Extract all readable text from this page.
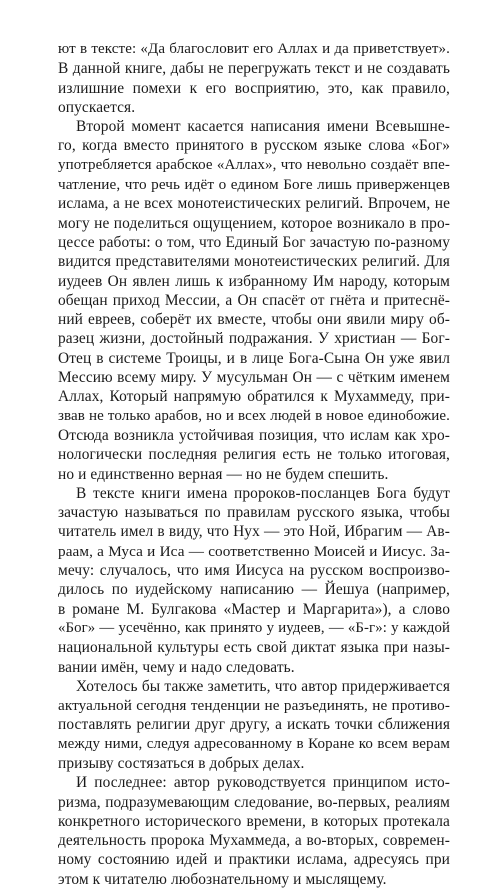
ют в тексте: «Да благословит его Аллах и да приветствует».
В данной книге, дабы не перегружать текст и не создавать
излишние помехи к его восприятию, это, как правило,
опускается.

Второй момент касается написания имени Всевышне-
го, когда вместо принятого в русском языке слова «Бог»
употребляется арабское «Аллах», что невольно создаёт впе-
чатление, что речь идёт о едином Боге лишь приверженцев
ислама, а не всех монотеистических религий. Впрочем, не
могу не поделиться ощущением, которое возникало в про-
цессе работы: о том, что Единый Бог зачастую по-разному
видится представителями монотеистических религий. Для
иудеев Он явлен лишь к избранному Им народу, которым
обещан приход Мессии, а Он спасёт от гнёта и притеснё-
ний евреев, соберёт их вместе, чтобы они явили миру об-
разец жизни, достойный подражания. У христиан — Бог-
Отец в системе Троицы, и в лице Бога-Сына Он уже явил
Мессию всему миру. У мусульман Он — с чётким именем
Аллах, Который напрямую обратился к Мухаммеду, при-
звав не только арабов, но и всех людей в новое единобожие.
Отсюда возникла устойчивая позиция, что ислам как хро-
нологически последняя религия есть не только итоговая,
но и единственно верная — но не будем спешить.

В тексте книги имена пророков-посланцев Бога будут
зачастую называться по правилам русского языка, чтобы
читатель имел в виду, что Нух — это Ной, Ибрагим — Ав-
раам, а Муса и Иса — соответственно Моисей и Иисус. За-
мечу: случалось, что имя Иисуса на русском воспроизво-
дилось по иудейскому написанию — Йешуа (например,
в романе М. Булгакова «Мастер и Маргарита»), а слово
«Бог» — усечённо, как принято у иудеев, — «Б-г»: у каждой
национальной культуры есть свой диктат языка при назы-
вании имён, чему и надо следовать.

Хотелось бы также заметить, что автор придерживается
актуальной сегодня тенденции не разъединять, не противо-
поставлять религии друг другу, а искать точки сближения
между ними, следуя адресованному в Коране ко всем верам
призыву состязаться в добрых делах.

И последнее: автор руководствуется принципом исто-
ризма, подразумевающим следование, во-первых, реалиям
конкретного исторического времени, в которых протекала
деятельность пророка Мухаммеда, а во-вторых, современ-
ному состоянию идей и практики ислама, адресуясь при
этом к читателю любознательному и мыслящему.
